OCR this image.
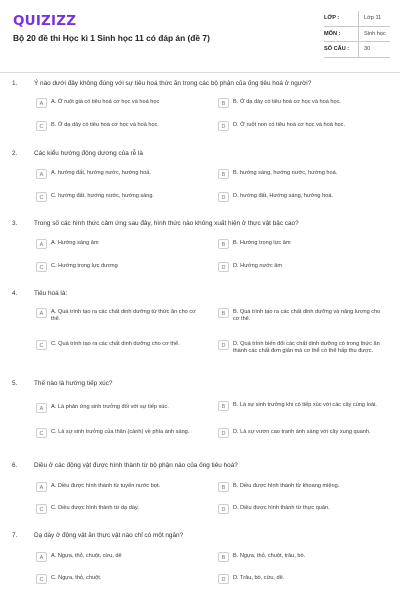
QUIZIZZ
Bộ 20 đề thi Học kì 1 Sinh học 11 có đáp án (đề 7)
LỚP :	Lớp 11
MÔN :	Sinh học
SỐ CÂU :	30
1.	Ý nào dưới đây không đúng với sự tiêu hoá thức ăn trong các bộ phận của ống tiêu hoá ở người?
A	A. Ở ruột già có tiêu hoá cơ học và hoá học	B	B. Ở dạ dày có tiêu hoá cơ học và hoá học.
C	B. Ở dạ dày có tiêu hoá cơ học và hoá học.	D	D. Ở ruột non có tiêu hoá cơ học và hoá học.
2.	Các kiểu hướng động dương của rễ là
A	A. hướng đất, hướng nước, hướng hoá.	B	B. hướng sáng, hướng nước, hướng hoá.
C	C. hướng đất, hướng nước, hướng sáng.	D	D. hướng đất, Hướng sáng, hướng hoá.
3.	Trong số các hình thức cảm ứng sau đây, hình thức nào không xuất hiện ở thực vật bậc cao?
A	A. Hướng sáng âm	B	B. Hướng trọng lực âm
C	C. Hướng trọng lực dương	D	D. Hướng nước âm
4.	Tiêu hoá là:
A	A. Quá trình tạo ra các chất dinh dưỡng từ thức ăn cho cơ thể.
B	B. Quá trình tạo ra các chất dinh dưỡng và năng lượng cho cơ thể.
C	C. Quá trình tạo ra các chất dinh dưỡng cho cơ thể.	D	D. Quá trình biến đổi các chất dinh dưỡng có trong thức ăn thành các chất đơn giản mà cơ thể có thể hấp thu được.
5.	Thế nào là hướng tiếp xúc?
A	A. Là phản ứng sinh trưởng đối với sự tiếp xúc.	B	B. Là sự sinh trưởng khi có tiếp xúc với các cây cùng loài.
C	C. Là sự sinh trưởng của thân (cành) về phía ánh sáng.	D	D. Là sự vươn cao tranh ánh sáng với cây xung quanh.
6.	Diều ở các động vật được hình thành từ bộ phận nào của ống tiêu hoá?
A	A. Diều được hình thành từ tuyến nước bọt.	B	B. Diều được hình thành từ khoang miệng.
C	C. Diều được hình thành từ dạ dày.	D	D. Diều được hình thành từ thực quản.
7.	Dạ dày ở động vật ăn thực vật nào chỉ có một ngăn?
A	A. Ngựa, thỏ, chuột, cừu, dê	B	B. Ngựa, thỏ, chuột, trâu, bò.
C	C. Ngựa, thỏ, chuột.	D	D. Trâu, bò, cừu, dê.
